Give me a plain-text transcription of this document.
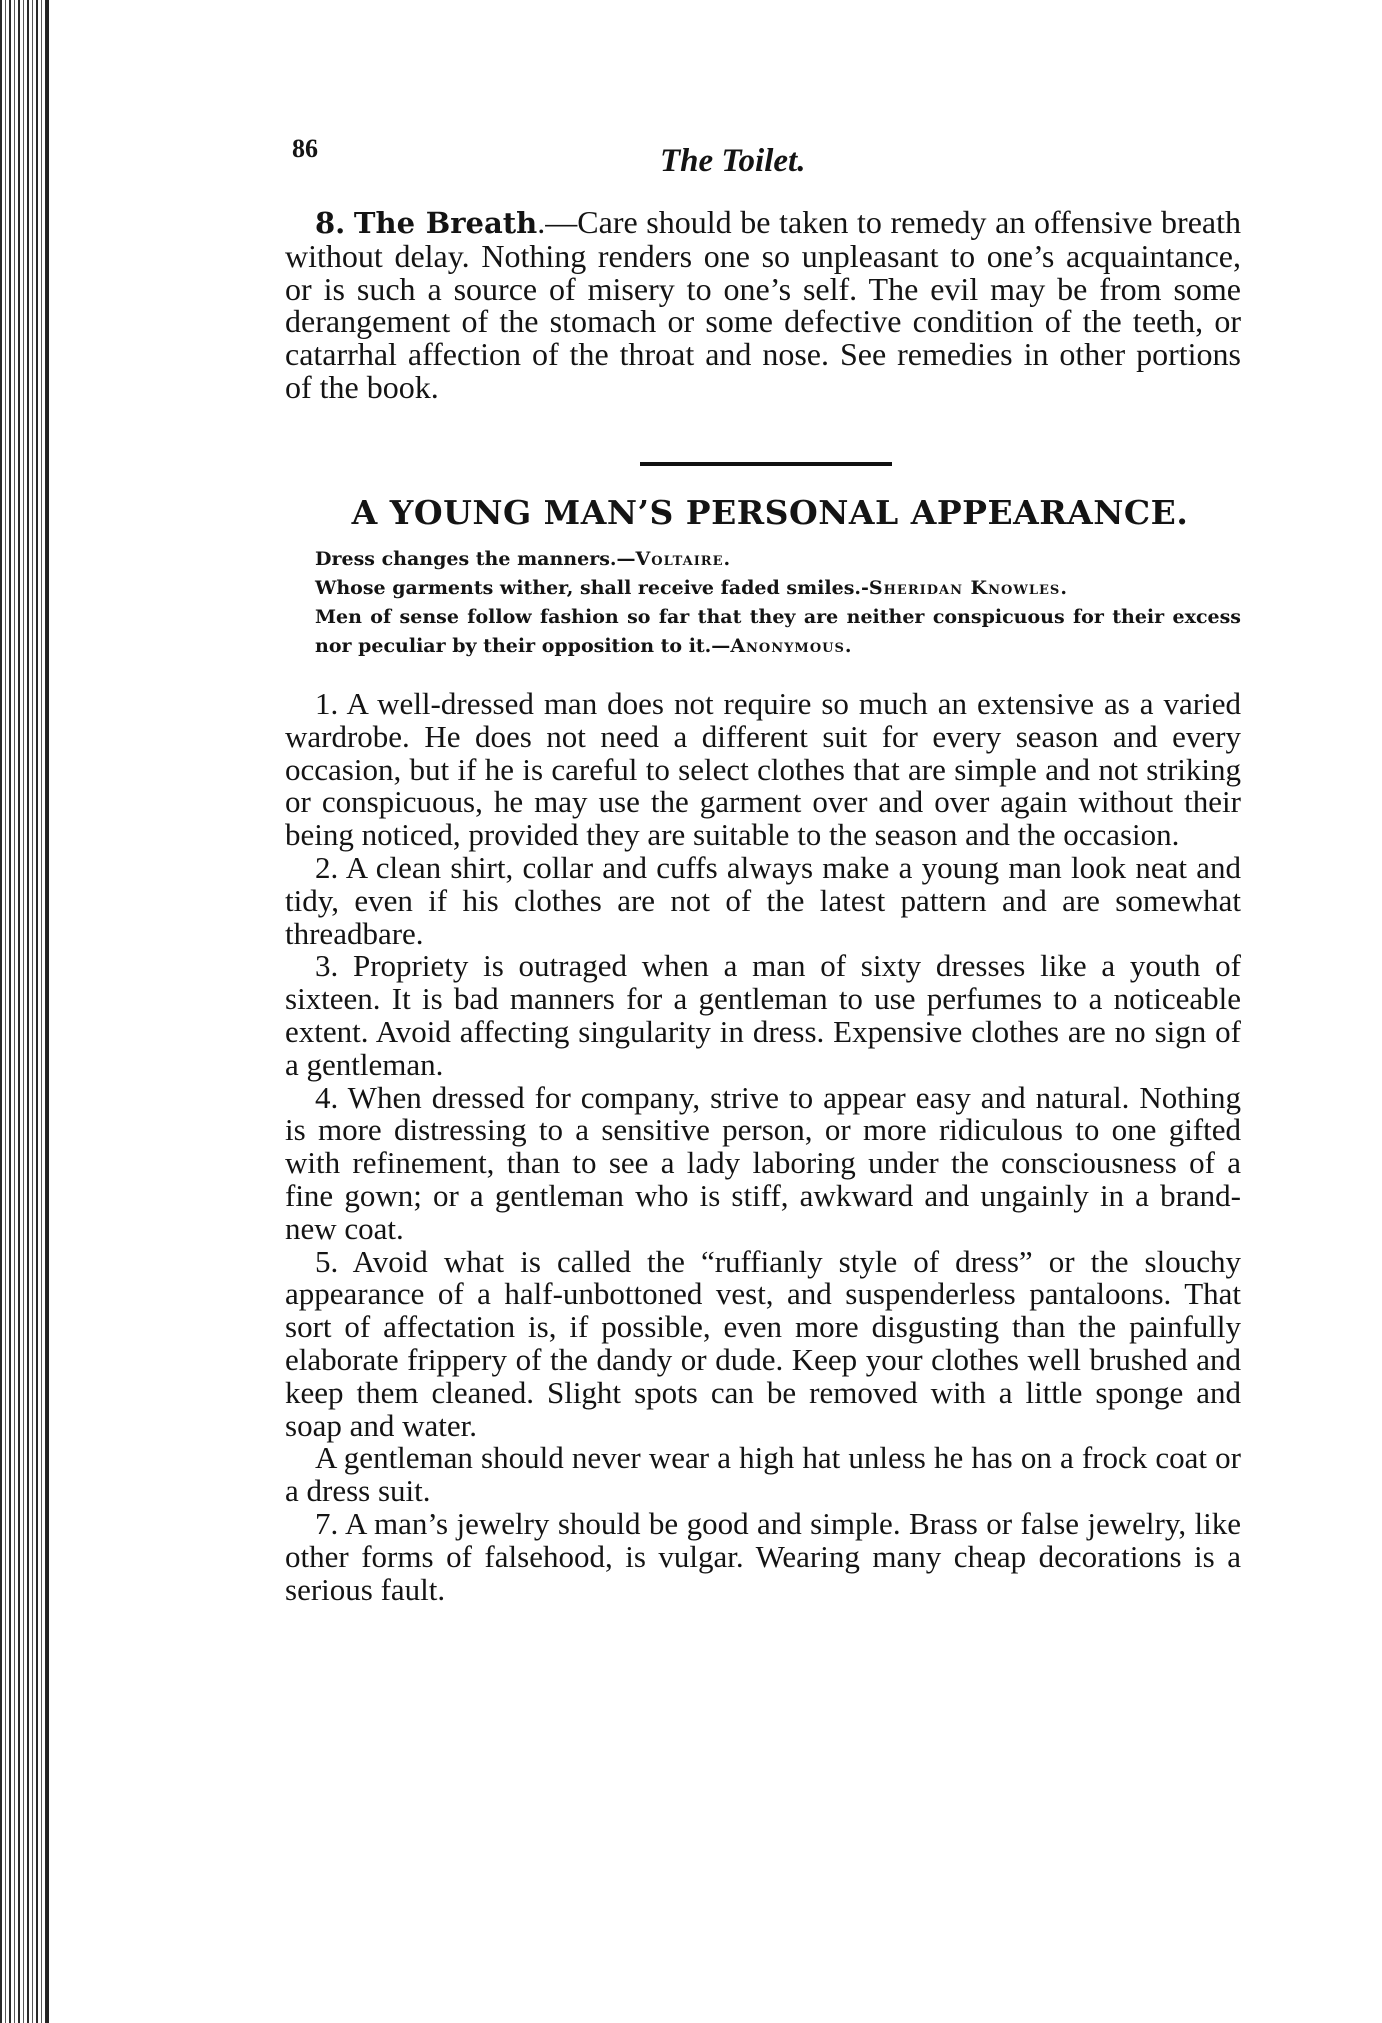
86	The Toilet.

8. The Breath.—Care should be taken to remedy an offensive breath without delay. Nothing renders one so unpleasant to one’s acquaintance, or is such a source of misery to one’s self. The evil may be from some derangement of the stomach or some defective condition of the teeth, or catarrhal affection of the throat and nose. See remedies in other portions of the book.

A YOUNG MAN’S PERSONAL APPEARANCE.

Dress changes the manners.—Voltaire.

Whose garments wither, shall receive faded smiles.-Sheridan Knowles.

Men of sense follow fashion so far that they are neither conspicuous for their excess nor peculiar by their opposition to it.—Anonymous.

1. A well-dressed man does not require so much an extensive as a varied wardrobe. He does not need a different suit for every season and every occasion, but if he is careful to select clothes that are simple and not striking or conspicuous, he may use the garment over and over again without their being noticed, provided they are suitable to the season and the occasion.

2. A clean shirt, collar and cuffs always make a young man look neat and tidy, even if his clothes are not of the latest pattern and are somewhat threadbare.

3. Propriety is outraged when a man of sixty dresses like a youth of sixteen. It is bad manners for a gentleman to use perfumes to a noticeable extent. Avoid affecting singularity in dress. Expensive clothes are no sign of a gentleman.

4. When dressed for company, strive to appear easy and natural. Nothing is more distressing to a sensitive person, or more ridiculous to one gifted with refinement, than to see a lady laboring under the consciousness of a fine gown; or a gentleman who is stiff, awkward and ungainly in a brand-new coat.

5. Avoid what is called the “ruffianly style of dress” or the slouchy appearance of a half-unbottoned vest, and suspenderless pantaloons. That sort of affectation is, if possible, even more disgusting than the painfully elaborate frippery of the dandy or dude. Keep your clothes well brushed and keep them cleaned. Slight spots can be removed with a little sponge and soap and water.

A gentleman should never wear a high hat unless he has on a frock coat or a dress suit.

7. A man’s jewelry should be good and simple. Brass or false jewelry, like other forms of falsehood, is vulgar. Wearing many cheap decorations is a serious fault.
